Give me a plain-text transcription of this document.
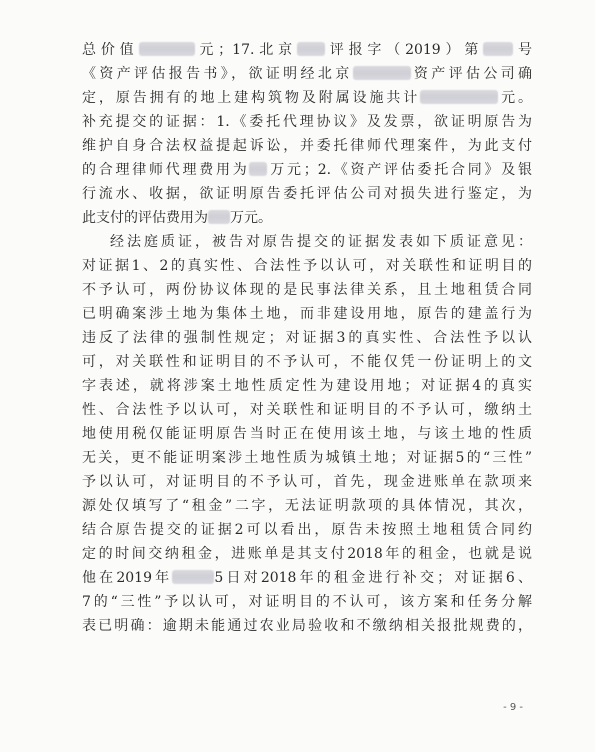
总价值	元；17.北京 评报字（2019）第 号
《资产评估报告书》，欲证明经北京	资产评估公司确
定，原告拥有的地上建构筑物及附属设施共计	元。
补充提交的证据：1.《委托代理协议》及发票，欲证明原告为
维护自身合法权益提起诉讼，并委托律师代理案件，为此支付
的合理律师代理费用为 万元；2.《资产评估委托合同》及银
行流水、收据，欲证明原告委托评估公司对损失进行鉴定，为
此支付的评估费用为 万元。
经法庭质证，被告对原告提交的证据发表如下质证意见：
对证据1、2的真实性、合法性予以认可，对关联性和证明目的
不予认可，两份协议体现的是民事法律关系，且土地租赁合同
已明确案涉土地为集体土地，而非建设用地，原告的建盖行为
违反了法律的强制性规定；对证据3的真实性、合法性予以认
可，对关联性和证明目的不予认可，不能仅凭一份证明上的文
字表述，就将涉案土地性质定性为建设用地；对证据4的真实
性、合法性予以认可，对关联性和证明目的不予认可，缴纳土
地使用税仅能证明原告当时正在使用该土地，与该土地的性质
无关，更不能证明案涉土地性质为城镇土地；对证据5的“三性”
予以认可，对证明目的不予认可，首先，现金进账单在款项来
源处仅填写了“租金”二字，无法证明款项的具体情况，其次，
结合原告提交的证据2可以看出，原告未按照土地租赁合同约
定的时间交纳租金，进账单是其支付2018年的租金，也就是说
他在2019年	5日对2018年的租金进行补交；对证据6、
7的“三性”予以认可，对证明目的不认可，该方案和任务分解
表已明确：逾期未能通过农业局验收和不缴纳相关报批规费的，
- 9 -
